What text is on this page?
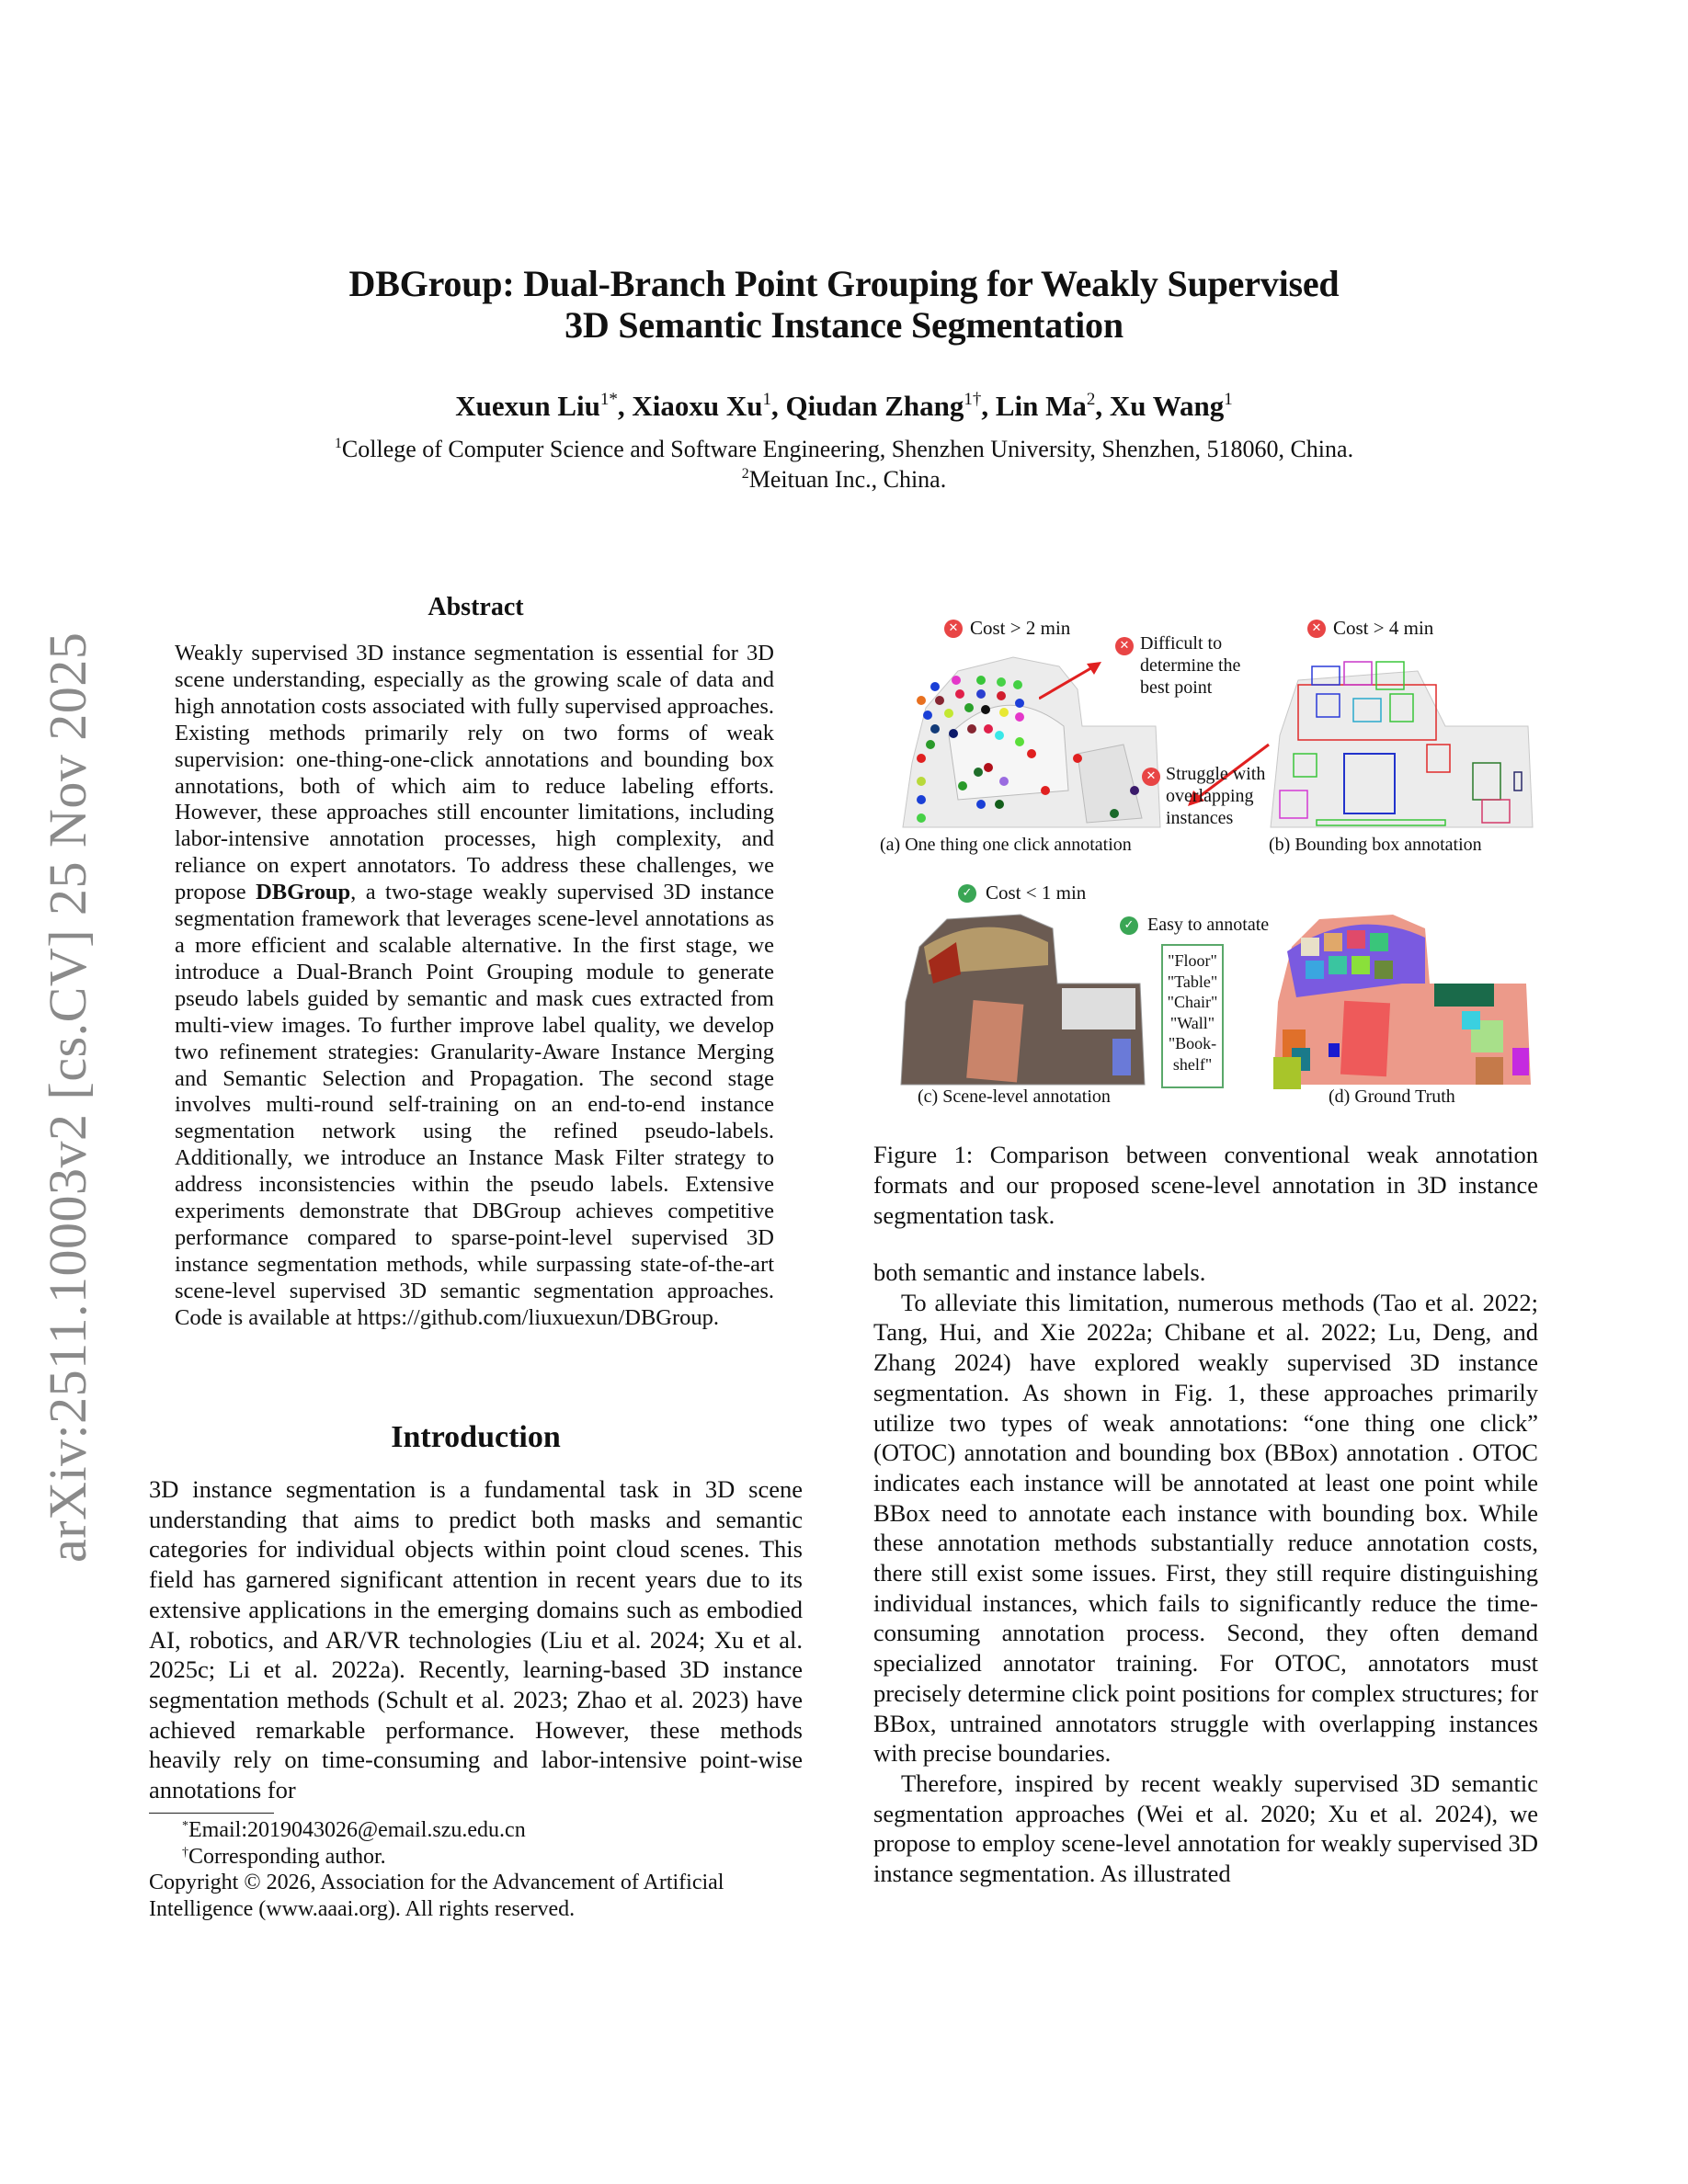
arXiv:2511.10003v2 [cs.CV] 25 Nov 2025
DBGroup: Dual-Branch Point Grouping for Weakly Supervised
3D Semantic Instance Segmentation
Xuexun Liu$^{1*}$, Xiaoxu Xu$^1$, Qiudan Zhang$^{1\dagger}$, Lin Ma$^2$, Xu Wang$^1$
$^1$College of Computer Science and Software Engineering, Shenzhen University, Shenzhen, 518060, China.
$^2$Meituan Inc., China.
Abstract

Weakly supervised 3D instance segmentation is essential for 3D scene understanding, especially as the growing scale of data and high annotation costs associated with fully supervised approaches. Existing methods primarily rely on two forms of weak supervision: one-thing-one-click annotations and bounding box annotations, both of which aim to reduce labeling efforts. However, these approaches still encounter limitations, including labor-intensive annotation processes, high complexity, and reliance on expert annotators. To address these challenges, we propose DBGroup, a two-stage weakly supervised 3D instance segmentation framework that leverages scene-level annotations as a more efficient and scalable alternative. In the first stage, we introduce a Dual-Branch Point Grouping module to generate pseudo labels guided by semantic and mask cues extracted from multi-view images. To further improve label quality, we develop two refinement strategies: Granularity-Aware Instance Merging and Semantic Selection and Propagation. The second stage involves multi-round self-training on an end-to-end instance segmentation network using the refined pseudo-labels. Additionally, we introduce an Instance Mask Filter strategy to address inconsistencies within the pseudo labels. Extensive experiments demonstrate that DBGroup achieves competitive performance compared to sparse-point-level supervised 3D instance segmentation methods, while surpassing state-of-the-art scene-level supervised 3D semantic segmentation approaches. Code is available at https://github.com/liuxuexun/DBGroup.

Introduction

3D instance segmentation is a fundamental task in 3D scene understanding that aims to predict both masks and semantic categories for individual objects within point cloud scenes. This field has garnered significant attention in recent years due to its extensive applications in the emerging domains such as embodied AI, robotics, and AR/VR technologies (Liu et al. 2024; Xu et al. 2025c; Li et al. 2022a). Recently, learning-based 3D instance segmentation methods (Schult et al. 2023; Zhao et al. 2023) have achieved remarkable performance. However, these methods heavily rely on time-consuming and labor-intensive point-wise annotations for

*Email:2019043026@email.szu.edu.cn
†Corresponding author.
Copyright © 2026, Association for the Advancement of Artificial Intelligence (www.aaai.org). All rights reserved.
✕ Cost > 2 min
✕ Difficult to determine the best point
(a) One thing one click annotation
✕ Cost > 4 min
✕ Struggle with overlapping instances
(b) Bounding box annotation
✓ Cost < 1 min
✓ Easy to annotate
"Floor"
"Table"
"Chair"
"Wall"
"Book-
shelf"
(c) Scene-level annotation	(d) Ground Truth

Figure 1: Comparison between conventional weak annotation formats and our proposed scene-level annotation in 3D instance segmentation task.

both semantic and instance labels.

To alleviate this limitation, numerous methods (Tao et al. 2022; Tang, Hui, and Xie 2022a; Chibane et al. 2022; Lu, Deng, and Zhang 2024) have explored weakly supervised 3D instance segmentation. As shown in Fig. 1, these approaches primarily utilize two types of weak annotations: “one thing one click” (OTOC) annotation and bounding box (BBox) annotation . OTOC indicates each instance will be annotated at least one point while BBox need to annotate each instance with bounding box. While these annotation methods substantially reduce annotation costs, there still exist some issues. First, they still require distinguishing individual instances, which fails to significantly reduce the time-consuming annotation process. Second, they often demand specialized annotator training. For OTOC, annotators must precisely determine click point positions for complex structures; for BBox, untrained annotators struggle with overlapping instances with precise boundaries.

Therefore, inspired by recent weakly supervised 3D semantic segmentation approaches (Wei et al. 2020; Xu et al. 2024), we propose to employ scene-level annotation for weakly supervised 3D instance segmentation. As illustrated
